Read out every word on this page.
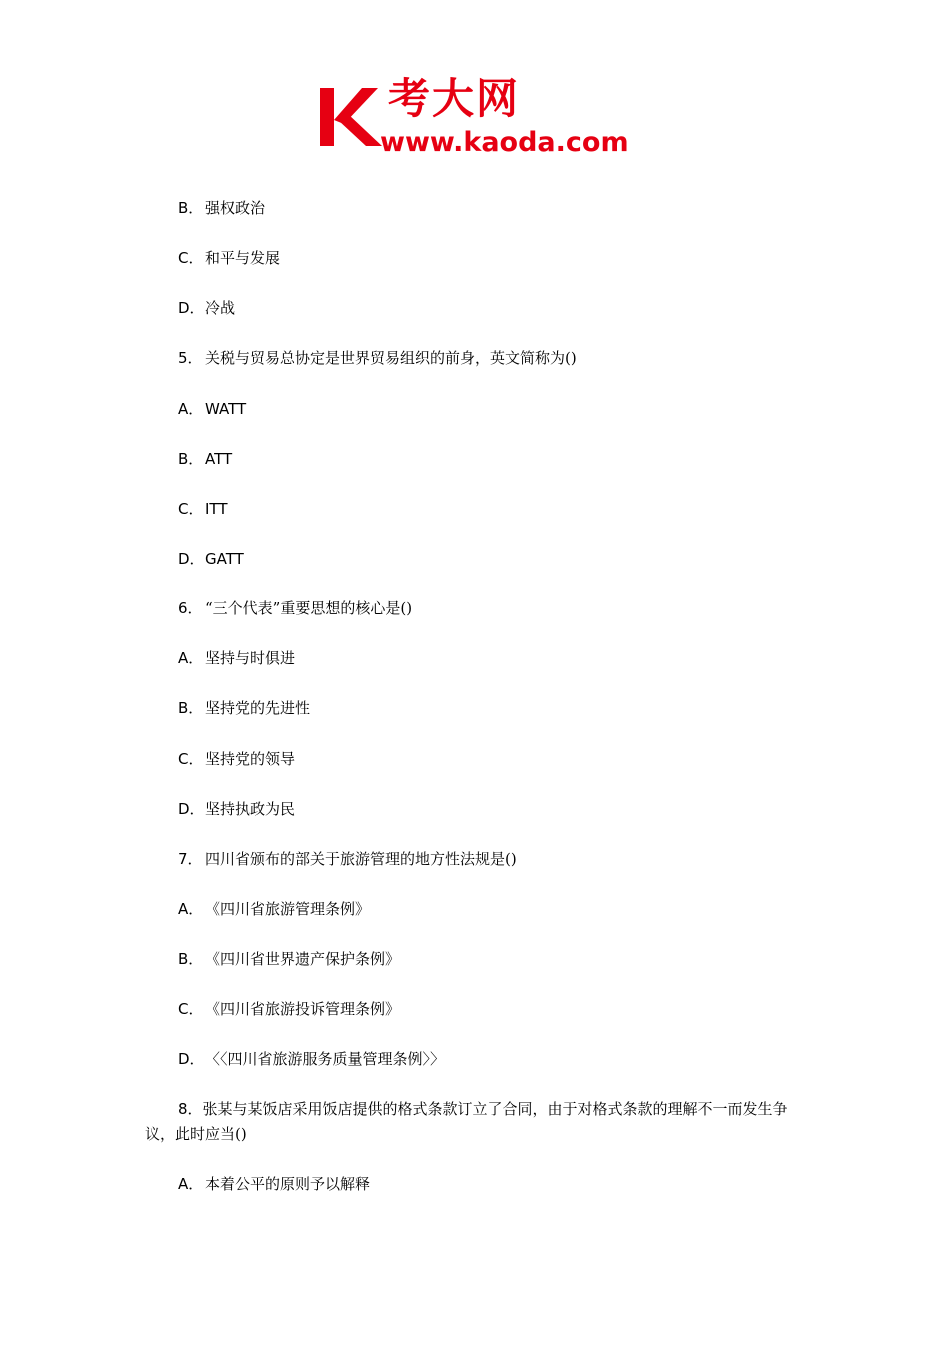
考大网
www.kaoda.com
B． 强权政治
C． 和平与发展
D．冷战
5． 关税与贸易总协定是世界贸易组织的前身，英文简称为()
A． WATT
B． ATT
C． ITT
D．GATT
6． “三个代表”重要思想的核心是()
A． 坚持与时俱进
B． 坚持党的先进性
C． 坚持党的领导
D．坚持执政为民
7． 四川省颁布的部关于旅游管理的地方性法规是()
A． 《四川省旅游管理条例》
B． 《四川省世界遗产保护条例》
C． 《四川省旅游投诉管理条例》
D．〈〈四川省旅游服务质量管理条例〉〉
8．张某与某饭店采用饭店提供的格式条款订立了合同，由于对格式条款的理解不一而发生争议，此时应当()
A． 本着公平的原则予以解释
